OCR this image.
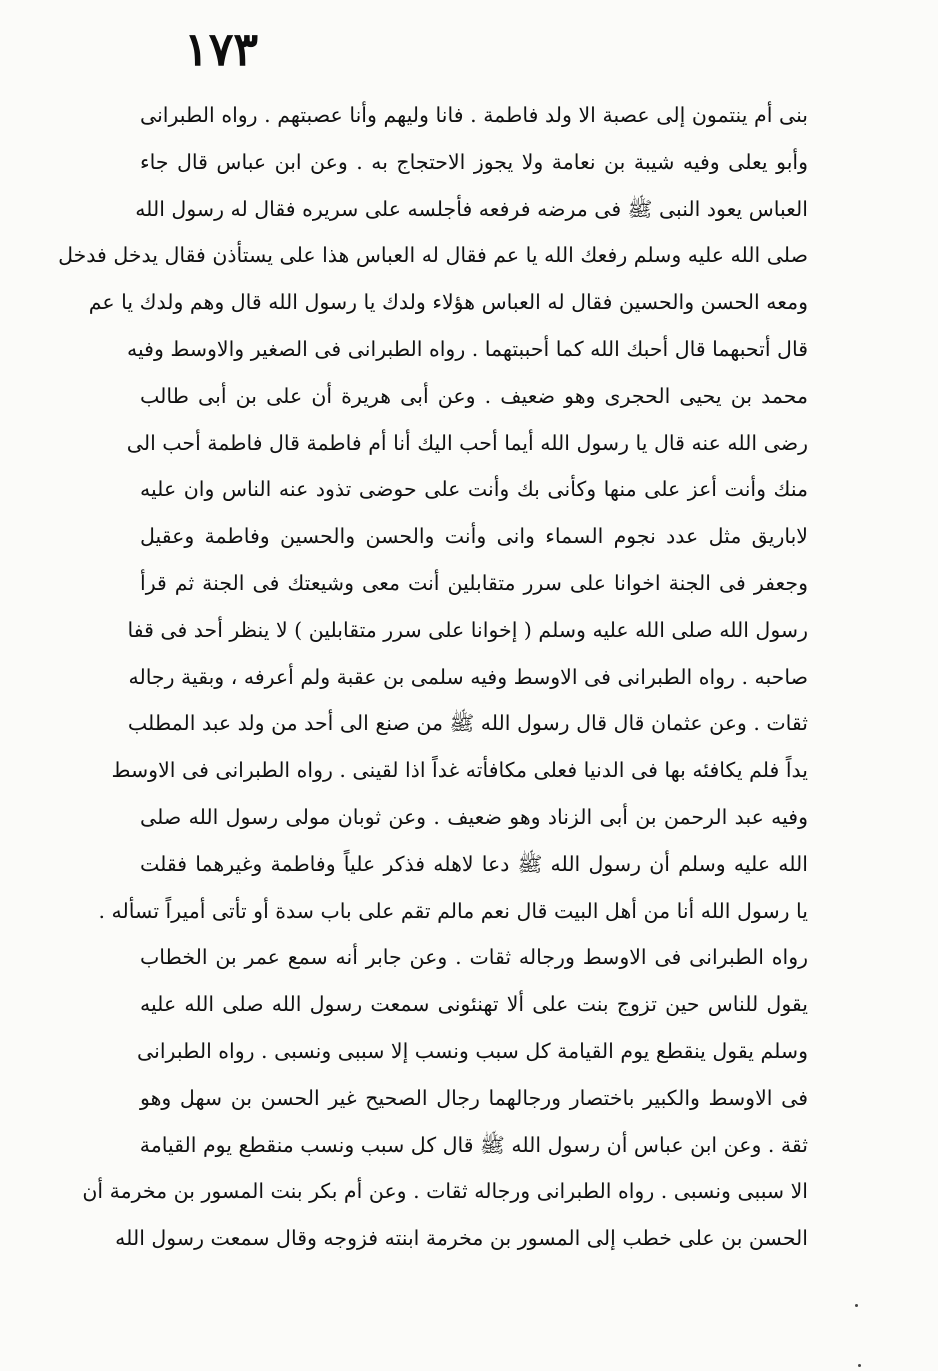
١٧٣
بنى أم ينتمون إلى عصبة الا ولد فاطمة . فانا وليهم وأنا عصبتهم . رواه الطبرانى
وأبو يعلى وفيه شيبة بن نعامة ولا يجوز الاحتجاج به . وعن ابن عباس قال جاء
العباس يعود النبى ﷺ فى مرضه فرفعه فأجلسه على سريره فقال له رسول الله
صلى الله عليه وسلم رفعك الله يا عم فقال له العباس هذا على يستأذن فقال يدخل فدخل
ومعه الحسن والحسين فقال له العباس هؤلاء ولدك يا رسول الله قال وهم ولدك يا عم
قال أتحبهما قال أحبك الله كما أحببتهما . رواه الطبرانى فى الصغير والاوسط وفيه
محمد بن يحيى الحجرى وهو ضعيف . وعن أبى هريرة أن على بن أبى طالب
رضى الله عنه قال يا رسول الله أيما أحب اليك أنا أم فاطمة قال فاطمة أحب الى
منك وأنت أعز على منها وكأنى بك وأنت على حوضى تذود عنه الناس وان عليه
لاباريق مثل عدد نجوم السماء وانى وأنت والحسن والحسين وفاطمة وعقيل
وجعفر فى الجنة اخوانا على سرر متقابلين أنت معى وشيعتك فى الجنة ثم قرأ
رسول الله صلى الله عليه وسلم ( إخوانا على سرر متقابلين ) لا ينظر أحد فى قفا
صاحبه . رواه الطبرانى فى الاوسط وفيه سلمى بن عقبة ولم أعرفه ، وبقية رجاله
ثقات . وعن عثمان قال قال رسول الله ﷺ من صنع الى أحد من ولد عبد المطلب
يداً فلم يكافئه بها فى الدنيا فعلى مكافأته غداً اذا لقينى . رواه الطبرانى فى الاوسط
وفيه عبد الرحمن بن أبى الزناد وهو ضعيف . وعن ثوبان مولى رسول الله صلى
الله عليه وسلم أن رسول الله ﷺ دعا لاهله فذكر علياً وفاطمة وغيرهما فقلت
يا رسول الله أنا من أهل البيت قال نعم مالم تقم على باب سدة أو تأتى أميراً تسأله .
رواه الطبرانى فى الاوسط ورجاله ثقات . وعن جابر أنه سمع عمر بن الخطاب
يقول للناس حين تزوج بنت على ألا تهنئونى سمعت رسول الله صلى الله عليه
وسلم يقول ينقطع يوم القيامة كل سبب ونسب إلا سببى ونسبى . رواه الطبرانى
فى الاوسط والكبير باختصار ورجالهما رجال الصحيح غير الحسن بن سهل وهو
ثقة . وعن ابن عباس أن رسول الله ﷺ قال كل سبب ونسب منقطع يوم القيامة
الا سببى ونسبى . رواه الطبرانى ورجاله ثقات . وعن أم بكر بنت المسور بن مخرمة أن
الحسن بن على خطب إلى المسور بن مخرمة ابنته فزوجه وقال سمعت رسول الله
